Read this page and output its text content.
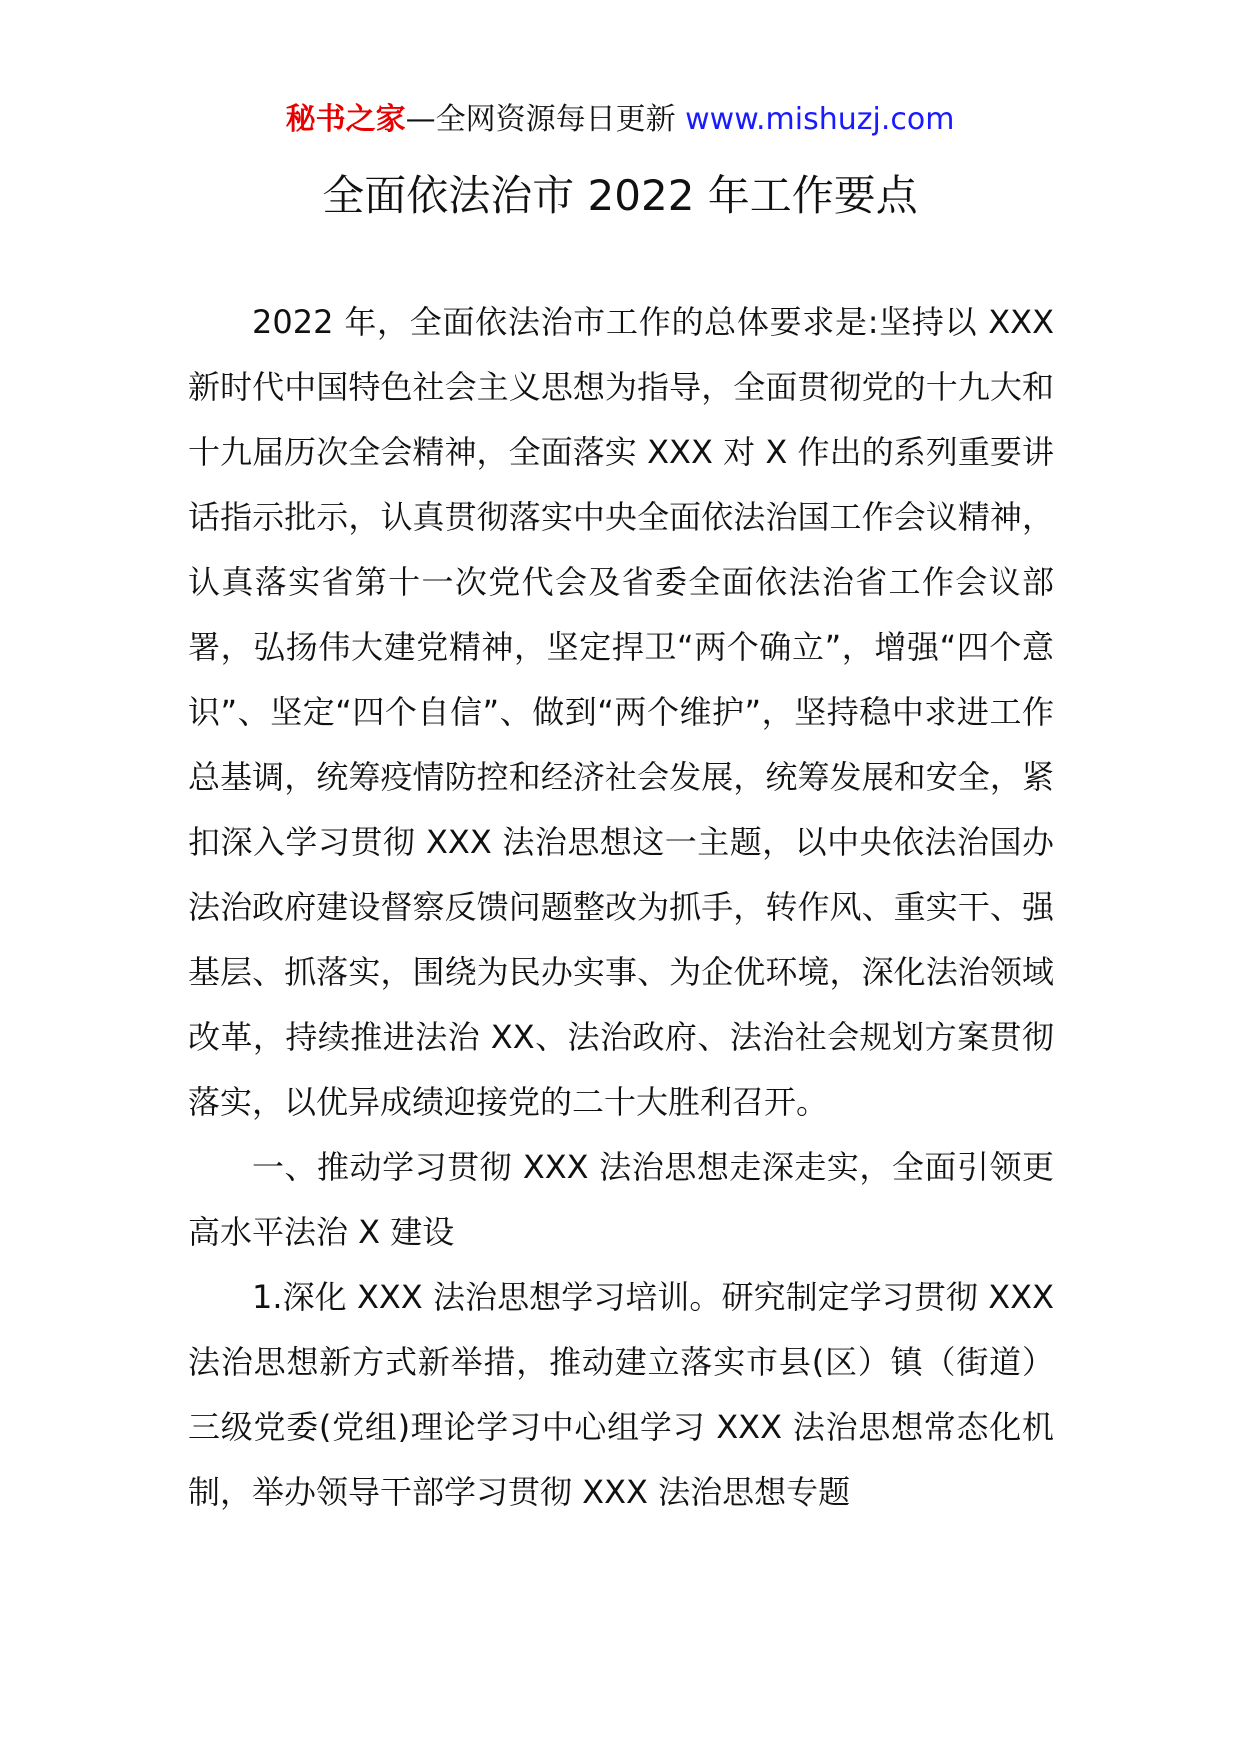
秘书之家—全网资源每日更新 www.mishuzj.com
全面依法治市 2022 年工作要点

2022 年，全面依法治市工作的总体要求是:坚持以 XXX 新时代中国特色社会主义思想为指导，全面贯彻党的十九大和十九届历次全会精神，全面落实 XXX 对 X 作出的系列重要讲话指示批示，认真贯彻落实中央全面依法治国工作会议精神，认真落实省第十一次党代会及省委全面依法治省工作会议部署，弘扬伟大建党精神，坚定捍卫“两个确立”，增强“四个意识”、坚定“四个自信”、做到“两个维护”，坚持稳中求进工作总基调，统筹疫情防控和经济社会发展，统筹发展和安全，紧扣深入学习贯彻 XXX 法治思想这一主题，以中央依法治国办法治政府建设督察反馈问题整改为抓手，转作风、重实干、强基层、抓落实，围绕为民办实事、为企优环境，深化法治领域改革，持续推进法治 XX、法治政府、法治社会规划方案贯彻落实，以优异成绩迎接党的二十大胜利召开。

一、推动学习贯彻 XXX 法治思想走深走实，全面引领更高水平法治 X 建设

1.深化 XXX 法治思想学习培训。研究制定学习贯彻 XXX 法治思想新方式新举措，推动建立落实市县(区）镇（街道）三级党委(党组)理论学习中心组学习 XXX 法治思想常态化机制，举办领导干部学习贯彻 XXX 法治思想专题
